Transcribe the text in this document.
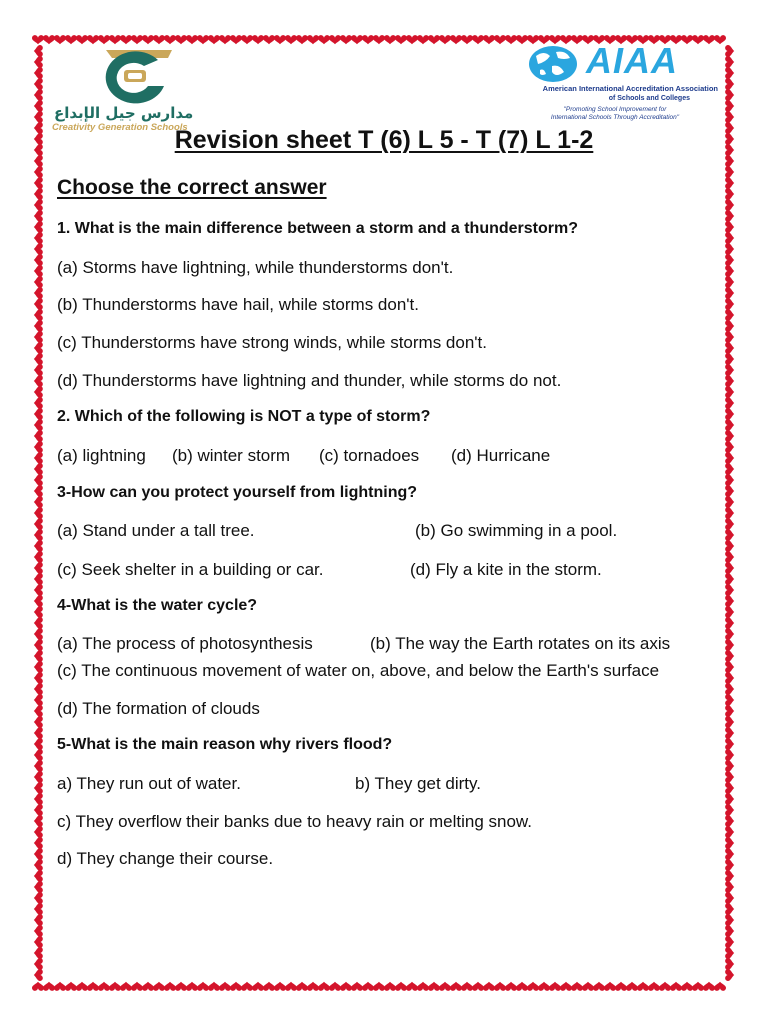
مدارس جيل الإبداع
Creativity Generation Schools
AIAA
American International Accreditation Association
of Schools and Colleges
"Promoting School Improvement for
International Schools Through Accreditation"
Revision sheet T (6) L 5 - T (7) L 1-2
Choose the correct answer
1. What is the main difference between a storm and a thunderstorm?
(a) Storms have lightning, while thunderstorms don't.
(b) Thunderstorms have hail, while storms don't.
(c) Thunderstorms have strong winds, while storms don't.
(d) Thunderstorms have lightning and thunder, while storms do not.
2. Which of the following is NOT a type of storm?
(a) lightning (b) winter storm (c) tornadoes (d) Hurricane
3-How can you protect yourself from lightning?
(a) Stand under a tall tree.	(b) Go swimming in a pool.
(c) Seek shelter in a building or car.	(d) Fly a kite in the storm.
4-What is the water cycle?
(a) The process of photosynthesis	(b) The way the Earth rotates on its axis
(c) The continuous movement of water on, above, and below the Earth's surface
(d) The formation of clouds
5-What is the main reason why rivers flood?
a) They run out of water.	b) They get dirty.
c) They overflow their banks due to heavy rain or melting snow.
d) They change their course.
